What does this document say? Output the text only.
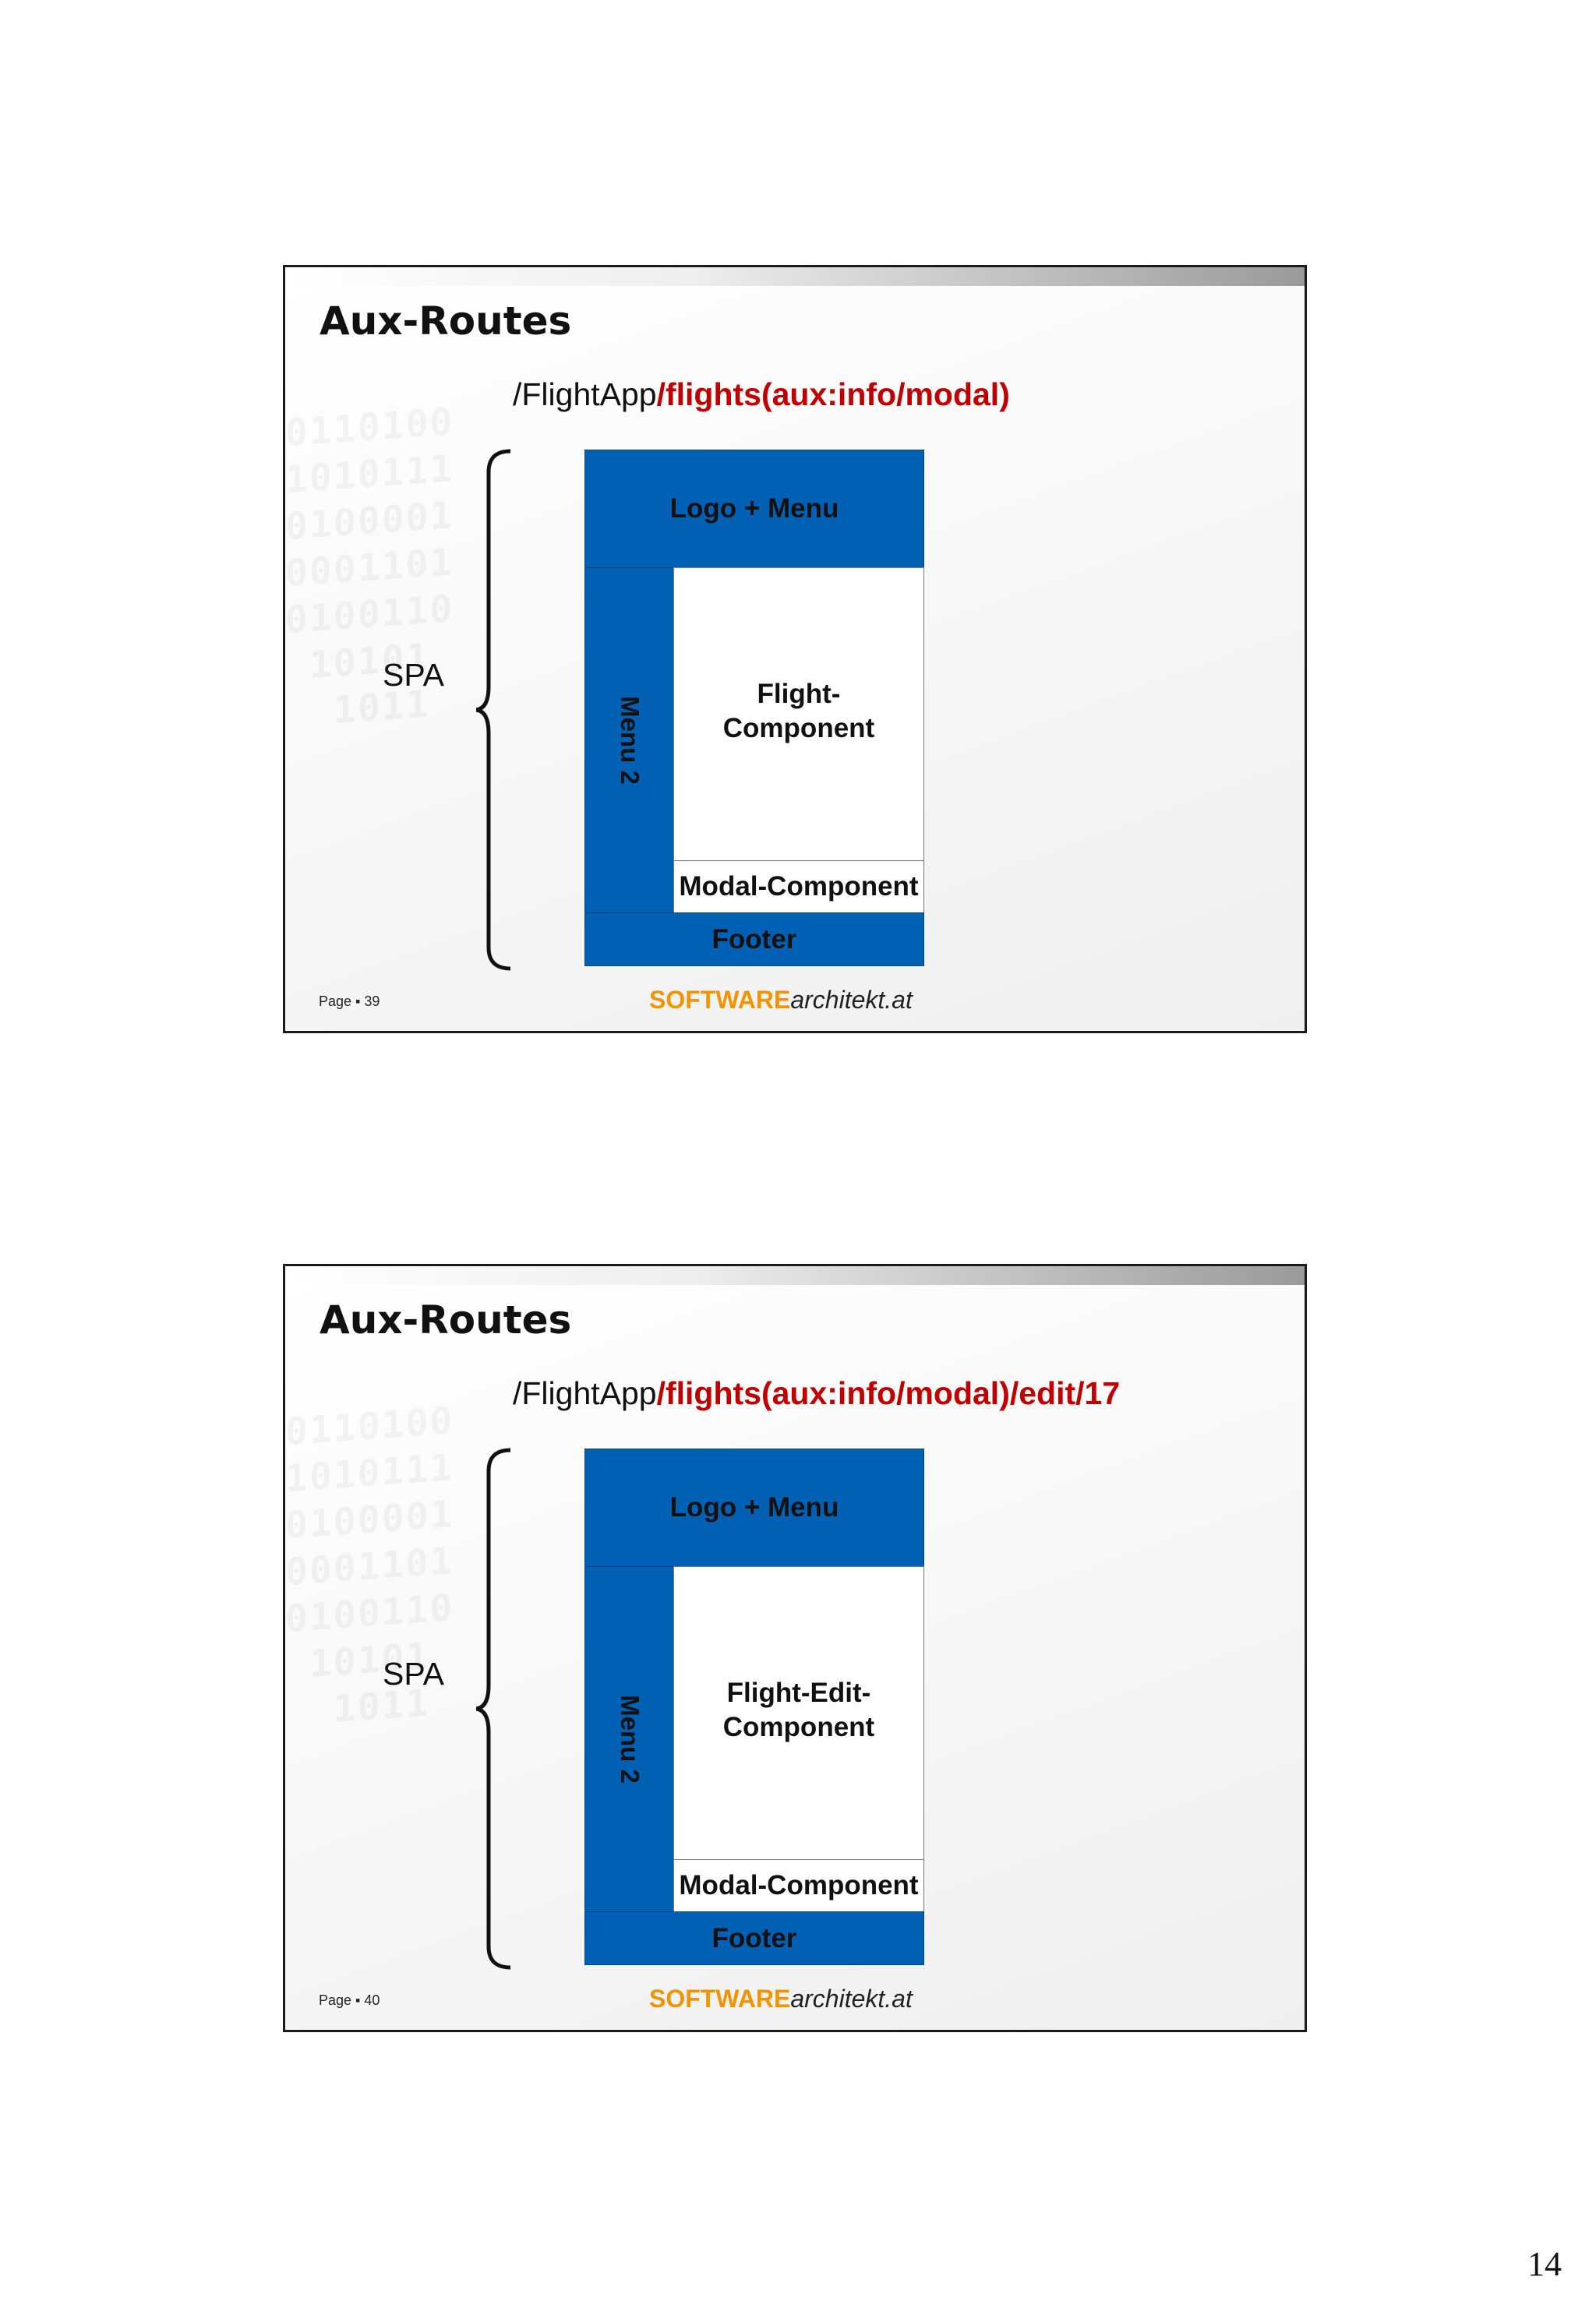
Aux-Routes
/FlightApp/flights(aux:info/modal)
SPA
Logo + Menu
Menu 2
Flight-
Component
Modal-Component
Footer
Page ▪ 39	SOFTWAREarchitekt.at
Aux-Routes
/FlightApp/flights(aux:info/modal)/edit/17
SPA
Logo + Menu
Menu 2
Flight-Edit-
Component
Modal-Component
Footer
Page ▪ 40	SOFTWAREarchitekt.at
14
